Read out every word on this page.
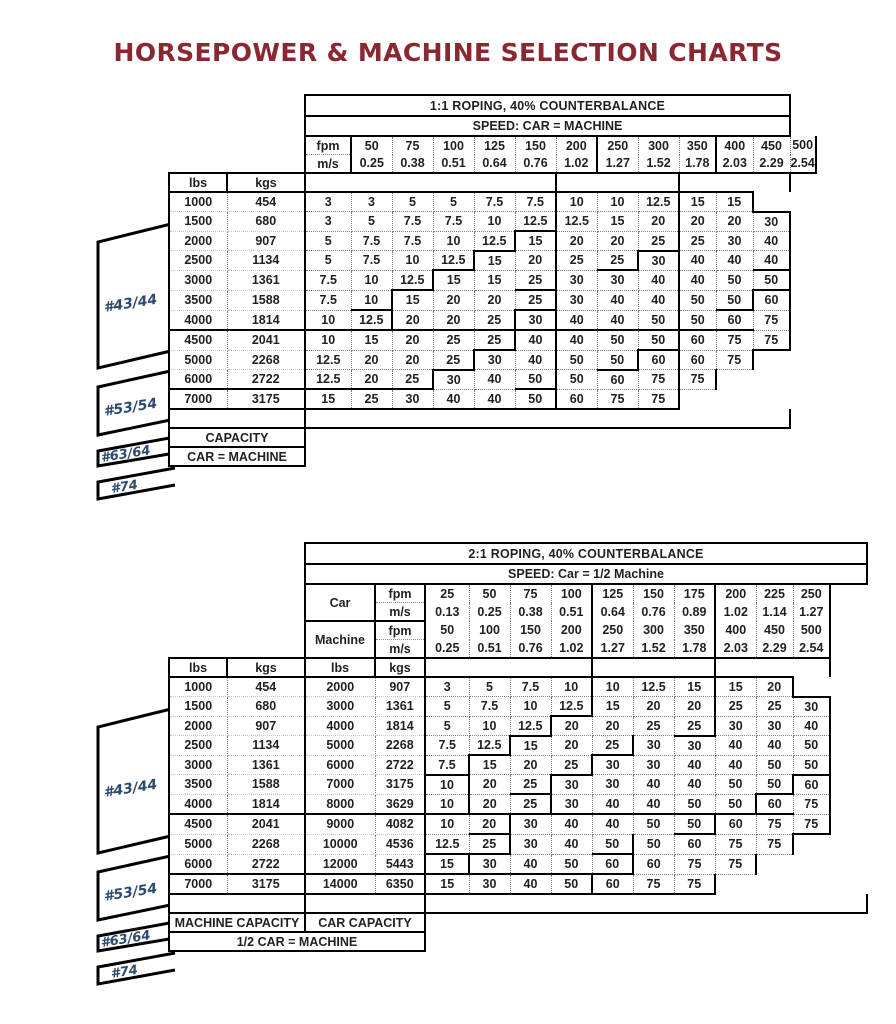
HORSEPOWER & MACHINE SELECTION CHARTS
#43/44
#53/54
#63/64
#74
		1:1 ROPING, 40% COUNTERBALANCE												
		SPEED: CAR = MACHINE												
		fpm	50	75	100	125	150	200	250	300	350	400	450	500
		m/s	0.25	0.38	0.51	0.64	0.76	1.02	1.27	1.52	1.78	2.03	2.29	2.54
lbs	kgs													
1000	454	3	3	5	5	7.5	7.5	10	10	12.5	15	15		
1500	680	3	5	7.5	7.5	10	12.5	12.5	15	20	20	20	30	
2000	907	5	7.5	7.5	10	12.5	15	20	20	25	25	30	40	
2500	1134	5	7.5	10	12.5	15	20	25	25	30	40	40	40	
3000	1361	7.5	10	12.5	15	15	25	30	30	40	40	50	50	
3500	1588	7.5	10	15	20	20	25	30	40	40	50	50	60	
4000	1814	10	12.5	20	20	25	30	40	40	50	50	60	75	
4500	2041	10	15	20	25	25	40	40	50	50	60	75	75	
5000	2268	12.5	20	20	25	30	40	50	50	60	60	75		
6000	2722	12.5	20	25	30	40	50	50	60	75	75			
7000	3175	15	25	30	40	40	50	60	75	75				

CAPACITY														
CAR = MACHINE														
#43/44
#53/54
#63/64
#74
		2:1 ROPING, 40% COUNTERBALANCE											
		SPEED: Car = 1/2 Machine											
		Car	fpm	25	50	75	100	125	150	175	200	225	250
			m/s	0.13	0.25	0.38	0.51	0.64	0.76	0.89	1.02	1.14	1.27
		Machine	fpm	50	100	150	200	250	300	350	400	450	500
			m/s	0.25	0.51	0.76	1.02	1.27	1.52	1.78	2.03	2.29	2.54
lbs	kgs	lbs	kgs										
1000	454	2000	907	3	5	7.5	10	10	12.5	15	15	20	
1500	680	3000	1361	5	7.5	10	12.5	15	20	20	25	25	30
2000	907	4000	1814	5	10	12.5	20	20	25	25	30	30	40
2500	1134	5000	2268	7.5	12.5	15	20	25	30	30	40	40	50
3000	1361	6000	2722	7.5	15	20	25	30	30	40	40	50	50
3500	1588	7000	3175	10	20	25	30	30	40	40	50	50	60
4000	1814	8000	3629	10	20	25	30	40	40	50	50	60	75
4500	2041	9000	4082	10	20	30	40	40	50	50	60	75	75
5000	2268	10000	4536	12.5	25	30	40	50	50	60	75	75	
6000	2722	12000	5443	15	30	40	50	60	60	75	75		
7000	3175	14000	6350	15	30	40	50	60	75	75			

MACHINE CAPACITY		CAR CAPACITY											
1/2 CAR = MACHINE													
